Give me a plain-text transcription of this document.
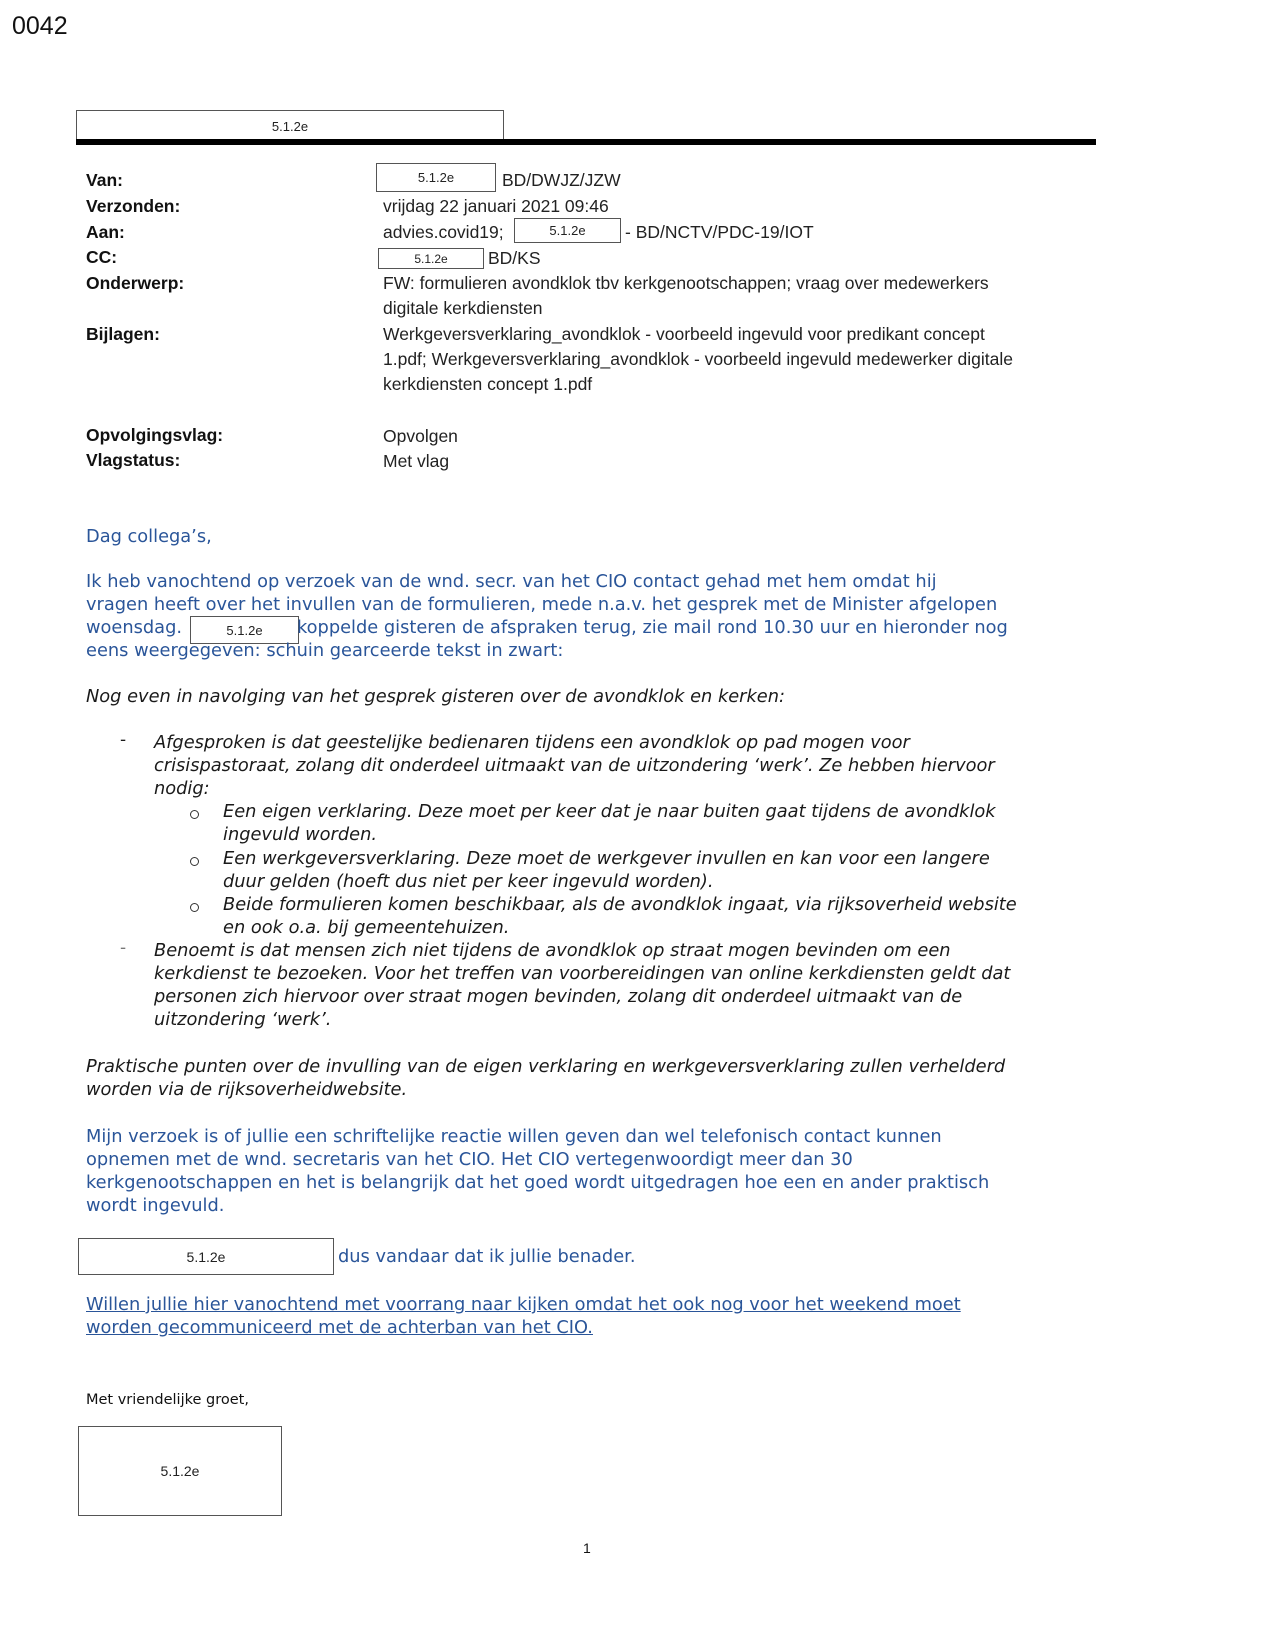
0042
5.1.2e
Van:	5.1.2e	BD/DWJZ/JZW
Verzonden:	vrijdag 22 januari 2021 09:46
Aan:	advies.covid19;	5.1.2e	- BD/NCTV/PDC-19/IOT
CC:	5.1.2e	BD/KS
Onderwerp:	FW: formulieren avondklok tbv kerkgenootschappen; vraag over medewerkers
digitale kerkdiensten
Bijlagen:	Werkgeversverklaring_avondklok - voorbeeld ingevuld voor predikant concept
1.pdf; Werkgeversverklaring_avondklok - voorbeeld ingevuld medewerker digitale
kerkdiensten concept 1.pdf
Opvolgingsvlag:	Opvolgen
Vlagstatus:	Met vlag
Dag collega’s,
Ik heb vanochtend op verzoek van de wnd. secr. van het CIO contact gehad met hem omdat hij
vragen heeft over het invullen van de formulieren, mede n.a.v. het gesprek met de Minister afgelopen
woensdag.	5.1.2e	koppelde gisteren de afspraken terug, zie mail rond 10.30 uur en hieronder nog
eens weergegeven: schuin gearceerde tekst in zwart:
Nog even in navolging van het gesprek gisteren over de avondklok en kerken:
- Afgesproken is dat geestelijke bedienaren tijdens een avondklok op pad mogen voor
crisispastoraat, zolang dit onderdeel uitmaakt van de uitzondering ‘werk’. Ze hebben hiervoor
nodig:
Een eigen verklaring. Deze moet per keer dat je naar buiten gaat tijdens de avondklok
ingevuld worden.
Een werkgeversverklaring. Deze moet de werkgever invullen en kan voor een langere
duur gelden (hoeft dus niet per keer ingevuld worden).
Beide formulieren komen beschikbaar, als de avondklok ingaat, via rijksoverheid website
en ook o.a. bij gemeentehuizen.
- Benoemt is dat mensen zich niet tijdens de avondklok op straat mogen bevinden om een
kerkdienst te bezoeken. Voor het treffen van voorbereidingen van online kerkdiensten geldt dat
personen zich hiervoor over straat mogen bevinden, zolang dit onderdeel uitmaakt van de
uitzondering ‘werk’.
Praktische punten over de invulling van de eigen verklaring en werkgeversverklaring zullen verhelderd
worden via de rijksoverheidwebsite.
Mijn verzoek is of jullie een schriftelijke reactie willen geven dan wel telefonisch contact kunnen
opnemen met de wnd. secretaris van het CIO. Het CIO vertegenwoordigt meer dan 30
kerkgenootschappen en het is belangrijk dat het goed wordt uitgedragen hoe een en ander praktisch
wordt ingevuld.
5.1.2e	dus vandaar dat ik jullie benader.
Willen jullie hier vanochtend met voorrang naar kijken omdat het ook nog voor het weekend moet
worden gecommuniceerd met de achterban van het CIO.
Met vriendelijke groet,
5.1.2e
1
